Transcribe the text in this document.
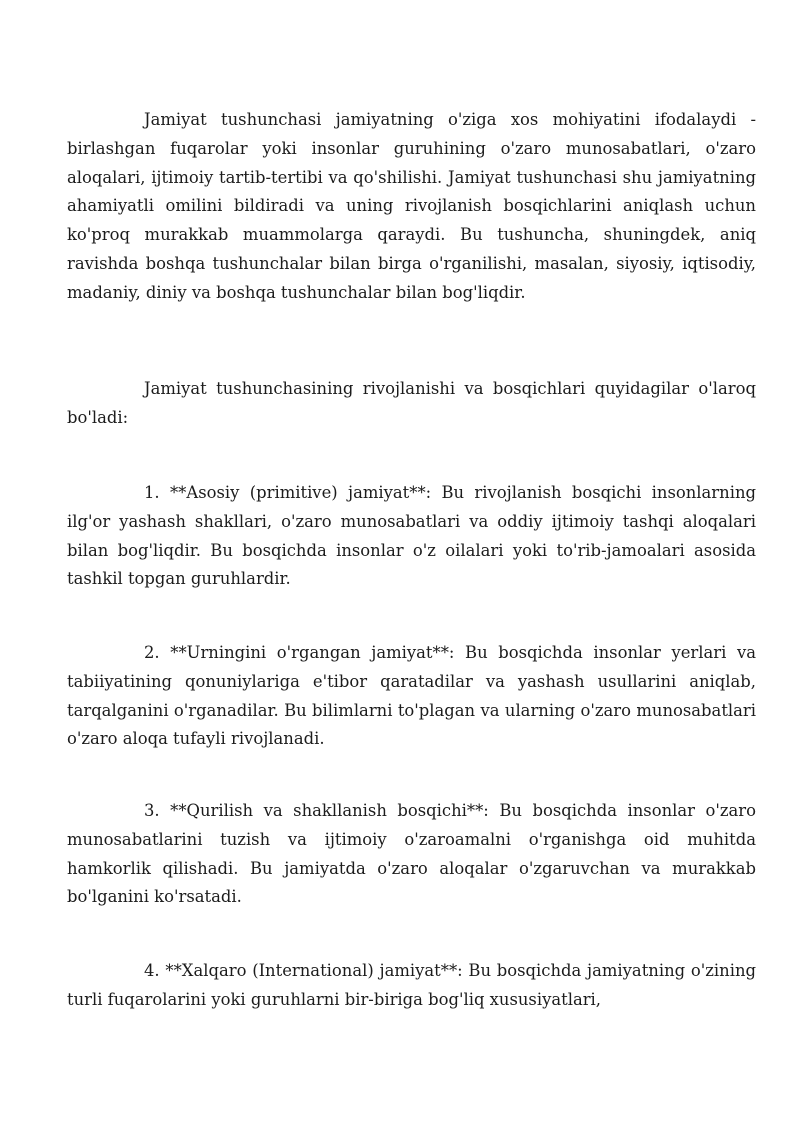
Jamiyat tushunchasi jamiyatning o'ziga xos mohiyatini ifodalaydi - birlashgan fuqarolar yoki insonlar guruhining o'zaro munosabatlari, o'zaro aloqalari, ijtimoiy tartib-tertibi va qo'shilishi. Jamiyat tushunchasi shu jamiyatning ahamiyatli omilini bildiradi va uning rivojlanish bosqichlarini aniqlash uchun ko'proq murakkab muammolarga qaraydi. Bu tushuncha, shuningdek, aniq ravishda boshqa tushunchalar bilan birga o'rganilishi, masalan, siyosiy, iqtisodiy, madaniy, diniy va boshqa tushunchalar bilan bog'liqdir.

Jamiyat tushunchasining rivojlanishi va bosqichlari quyidagilar o'laroq bo'ladi:

1. **Asosiy (primitive) jamiyat**: Bu rivojlanish bosqichi insonlarning ilg'or yashash shakllari, o'zaro munosabatlari va oddiy ijtimoiy tashqi aloqalari bilan bog'liqdir. Bu bosqichda insonlar o'z oilalari yoki to'rib-jamoalari asosida tashkil topgan guruhlardir.

2. **Urningini o'rgangan jamiyat**: Bu bosqichda insonlar yerlari va tabiiyatining qonuniylariga e'tibor qaratadilar va yashash usullarini aniqlab, tarqalganini o'rganadilar. Bu bilimlarni to'plagan va ularning o'zaro munosabatlari o'zaro aloqa tufayli rivojlanadi.

3. **Qurilish va shakllanish bosqichi**: Bu bosqichda insonlar o'zaro munosabatlarini tuzish va ijtimoiy o'zaroamalni o'rganishga oid muhitda hamkorlik qilishadi. Bu jamiyatda o'zaro aloqalar o'zgaruvchan va murakkab bo'lganini ko'rsatadi.

4. **Xalqaro (International) jamiyat**: Bu bosqichda jamiyatning o'zining turli fuqarolarini yoki guruhlarni bir-biriga bog'liq xususiyatlari,
